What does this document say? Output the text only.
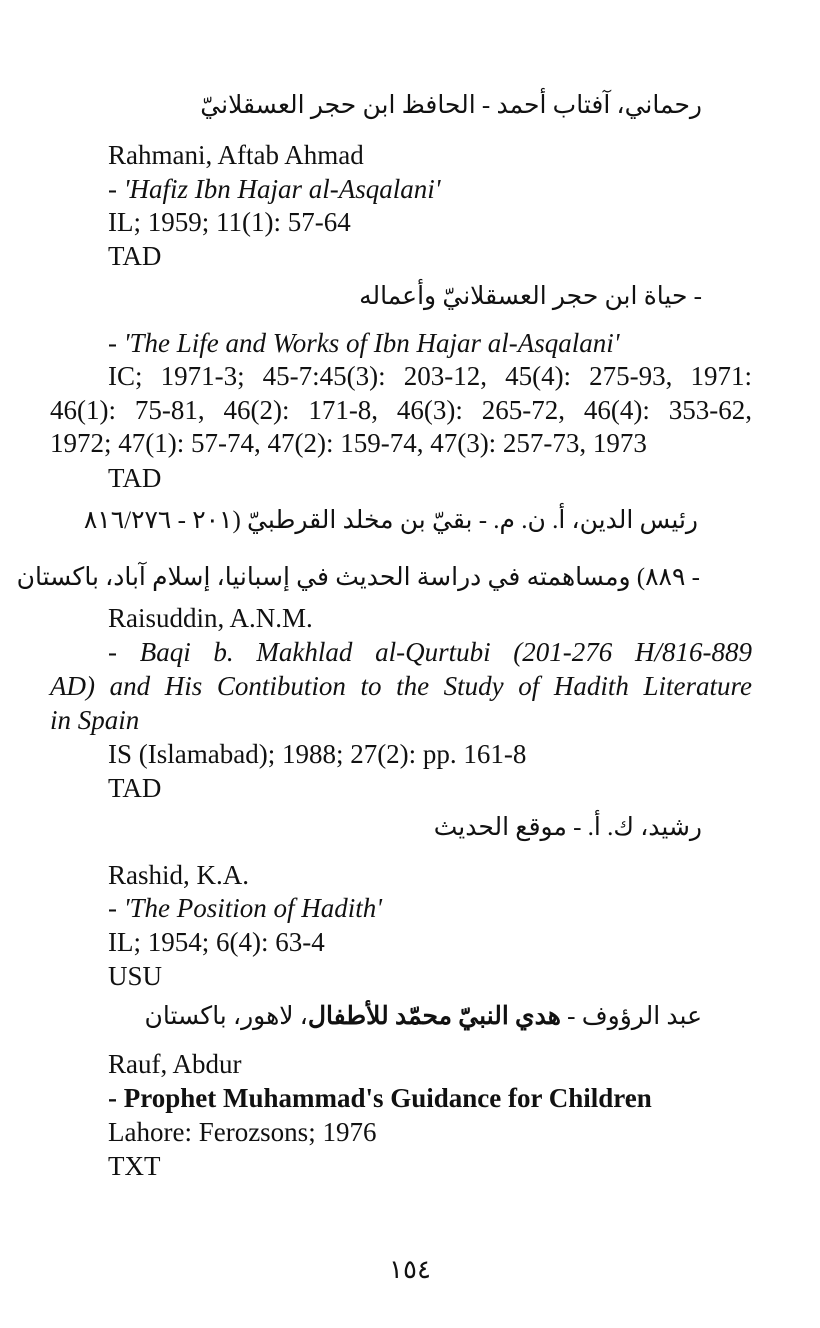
رحماني، آفتاب أحمد - الحافظ ابن حجر العسقلانيّ
Rahmani, Aftab Ahmad
- 'Hafiz Ibn Hajar al-Asqalani'
IL; 1959; 11(1): 57-64
TAD
- حياة ابن حجر العسقلانيّ وأعماله
- 'The Life and Works of Ibn Hajar al-Asqalani'
IC; 1971-3; 45-7:45(3): 203-12, 45(4): 275-93, 1971:
46(1): 75-81, 46(2): 171-8, 46(3): 265-72, 46(4): 353-62,
1972; 47(1): 57-74, 47(2): 159-74, 47(3): 257-73, 1973
TAD
رئيس الدين، أ. ن. م. - بقيّ بن مخلد القرطبيّ (٢٠١ - ٨١٦/٢٧٦
- ٨٨٩) ومساهمته في دراسة الحديث في إسبانيا، إسلام آباد، باكستان
Raisuddin, A.N.M.
- Baqi b. Makhlad al-Qurtubi (201-276 H/816-889
AD) and His Contibution to the Study of Hadith Literature
in Spain
IS (Islamabad); 1988; 27(2): pp. 161-8
TAD
رشيد، ك. أ. - موقع الحديث
Rashid, K.A.
- 'The Position of Hadith'
IL; 1954; 6(4): 63-4
USU
عبد الرؤوف - هدي النبيّ محمّد للأطفال، لاهور، باكستان
Rauf, Abdur
- Prophet Muhammad's Guidance for Children
Lahore: Ferozsons; 1976
TXT
١٥٤
